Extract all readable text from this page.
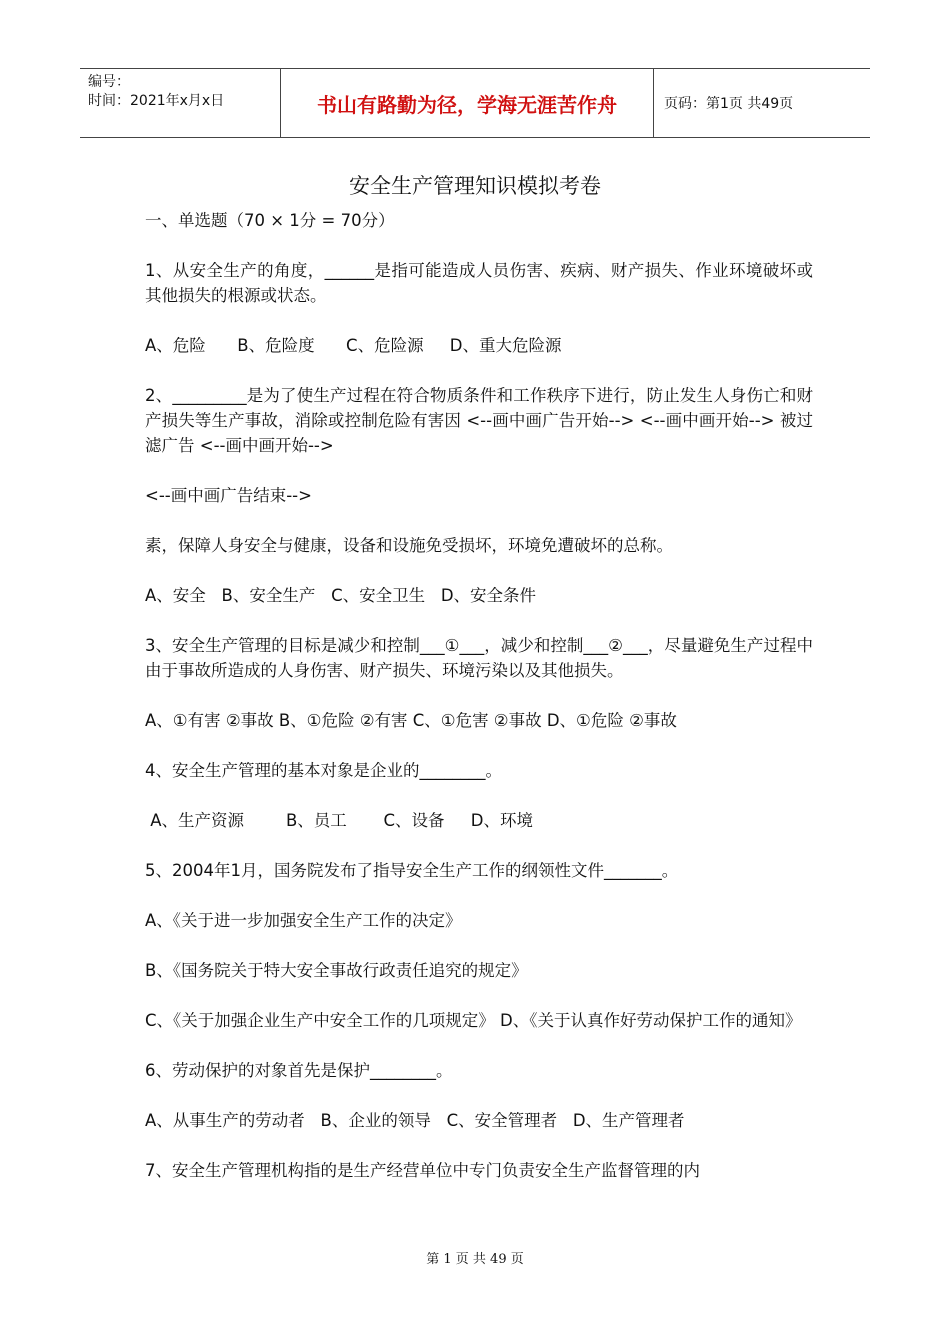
编号：
时间：2021年x月x日	书山有路勤为径，学海无涯苦作舟	页码：第1页 共49页
安全生产管理知识模拟考卷
一、单选题（70 × 1分 = 70分）
1、从安全生产的角度，______是指可能造成人员伤害、疾病、财产损失、作业环境破坏或其他损失的根源或状态。
A、危险      B、危险度      C、危险源     D、重大危险源
2、_________是为了使生产过程在符合物质条件和工作秩序下进行，防止发生人身伤亡和财产损失等生产事故，消除或控制危险有害因 <--画中画广告开始--> <--画中画开始--> 被过滤广告 <--画中画开始-->
<--画中画广告结束-->
素，保障人身安全与健康，设备和设施免受损坏，环境免遭破坏的总称。
A、安全   B、安全生产   C、安全卫生   D、安全条件
3、安全生产管理的目标是减少和控制___①___，减少和控制___②___，尽量避免生产过程中由于事故所造成的人身伤害、财产损失、环境污染以及其他损失。
A、①有害 ②事故 B、①危险 ②有害 C、①危害 ②事故 D、①危险 ②事故
4、安全生产管理的基本对象是企业的________。
A、生产资源        B、员工       C、设备     D、环境
5、2004年1月，国务院发布了指导安全生产工作的纲领性文件_______。
A、《关于进一步加强安全生产工作的决定》
B、《国务院关于特大安全事故行政责任追究的规定》
C、《关于加强企业生产中安全工作的几项规定》 D、《关于认真作好劳动保护工作的通知》
6、劳动保护的对象首先是保护________。
A、从事生产的劳动者   B、企业的领导   C、安全管理者   D、生产管理者
7、安全生产管理机构指的是生产经营单位中专门负责安全生产监督管理的内
第 1 页 共 49 页
